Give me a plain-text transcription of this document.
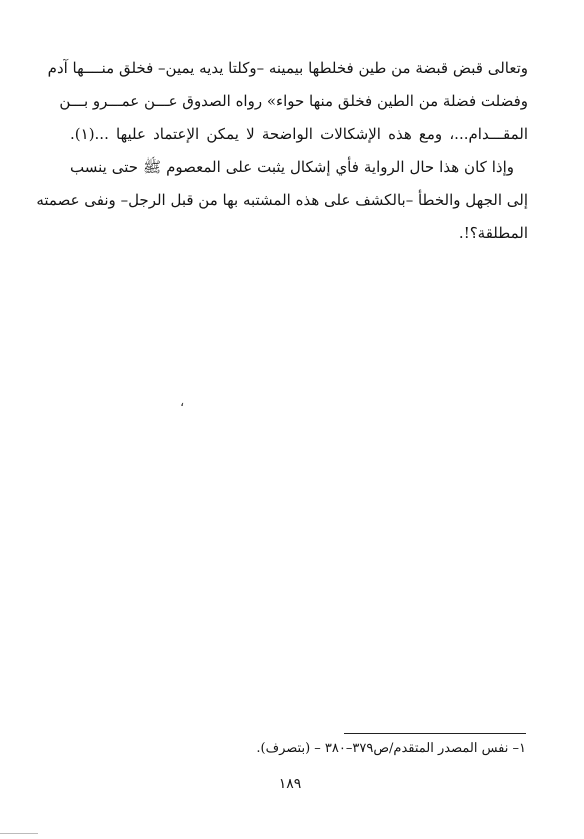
وتعالى قبض قبضة من طين فخلطها بيمينه –وكلتا يديه يمين– فخلق منــــها آدم
وفضلت فضلة من الطين فخلق منها حواء» رواه الصدوق عـــن عمـــرو بـــن
المقـــدام...، ومع هذه الإشكالات الواضحة لا يمكن الإعتماد عليها ...(١).
وإذا كان هذا حال الرواية فأي إشكال يثبت على المعصوم ﷺ حتى ينسب
إلى الجهل والخطأ –بالكشف على هذه المشتبه بها من قبل الرجل– ونفى عصمته
المطلقة؟!.
،
١– نفس المصدر المتقدم/ص٣٧٩–٣٨٠ – (بتصرف).
١٨٩
